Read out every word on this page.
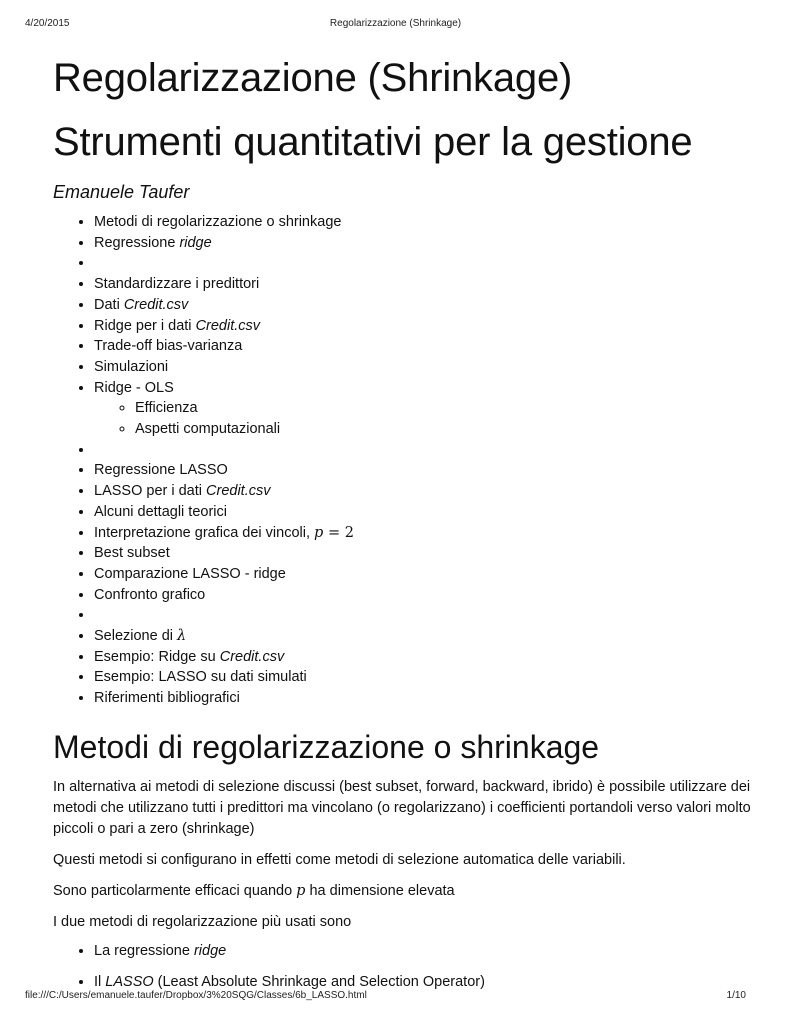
4/20/2015	Regolarizzazione (Shrinkage)
Regolarizzazione (Shrinkage)
Strumenti quantitativi per la gestione
Emanuele Taufer
• Metodi di regolarizzazione o shrinkage
• Regressione ridge
•
• Standardizzare i predittori
• Dati Credit.csv
• Ridge per i dati Credit.csv
• Trade-off bias-varianza
• Simulazioni
• Ridge - OLS
◦ Efficienza
◦ Aspetti computazionali
•
• Regressione LASSO
• LASSO per i dati Credit.csv
• Alcuni dettagli teorici
• Interpretazione grafica dei vincoli, p = 2
• Best subset
• Comparazione LASSO - ridge
• Confronto grafico
•
• Selezione di λ
• Esempio: Ridge su Credit.csv
• Esempio: LASSO su dati simulati
• Riferimenti bibliografici
Metodi di regolarizzazione o shrinkage

In alternativa ai metodi di selezione discussi (best subset, forward, backward, ibrido) è possibile utilizzare dei metodi che utilizzano tutti i predittori ma vincolano (o regolarizzano) i coefficienti portandoli verso valori molto piccoli o pari a zero (shrinkage)

Questi metodi si configurano in effetti come metodi di selezione automatica delle variabili.

Sono particolarmente efficaci quando p ha dimensione elevata

I due metodi di regolarizzazione più usati sono

• La regressione ridge
• Il LASSO (Least Absolute Shrinkage and Selection Operator)
file:///C:/Users/emanuele.taufer/Dropbox/3%20SQG/Classes/6b_LASSO.html	1/10
